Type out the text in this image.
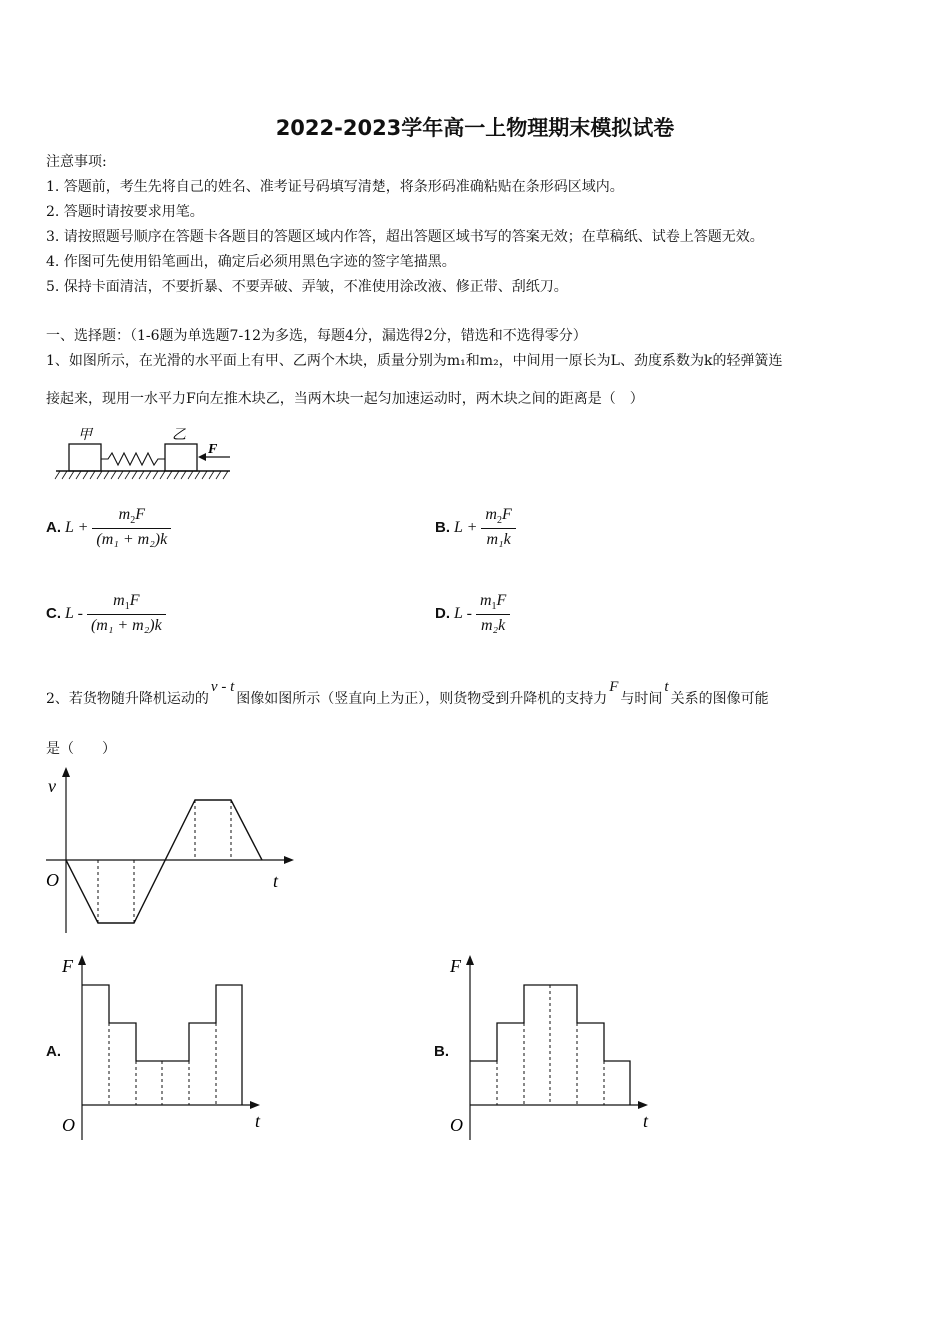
2022-2023学年高一上物理期末模拟试卷
注意事项:
1. 答题前，考生先将自己的姓名、准考证号码填写清楚，将条形码准确粘贴在条形码区域内。
2. 答题时请按要求用笔。
3. 请按照题号顺序在答题卡各题目的答题区域内作答，超出答题区域书写的答案无效；在草稿纸、试卷上答题无效。
4. 作图可先使用铅笔画出，确定后必须用黑色字迹的签字笔描黑。
5. 保持卡面清洁，不要折暴、不要弄破、弄皱，不准使用涂改液、修正带、刮纸刀。
一、选择题：（1-6题为单选题7-12为多选，每题4分，漏选得2分，错选和不选得零分）
1、如图所示，在光滑的水平面上有甲、乙两个木块，质量分别为m₁和m₂，中间用一原长为L、劲度系数为k的轻弹簧连
接起来，现用一水平力F向左推木块乙，当两木块一起匀加速运动时，两木块之间的距离是（　）
甲	乙
F
A. $L + \frac{m_2F}{\text{(m₁ + m₂)k}}$	B. $L + \frac{m_2F}{\text{m₁k}}$
C. L - $\frac{m_1F}{\text{(m₁ + m₂)k}}$	D. L - $\frac{m_1F}{\text{m₂k}}$
2、若货物随升降机运动的v - t图像如图所示（竖直向上为正），则货物受到升降机的支持力F与时间t关系的图像可能
是（　　）
v
O	t
A.
F
O	t
B.
F
O	t
